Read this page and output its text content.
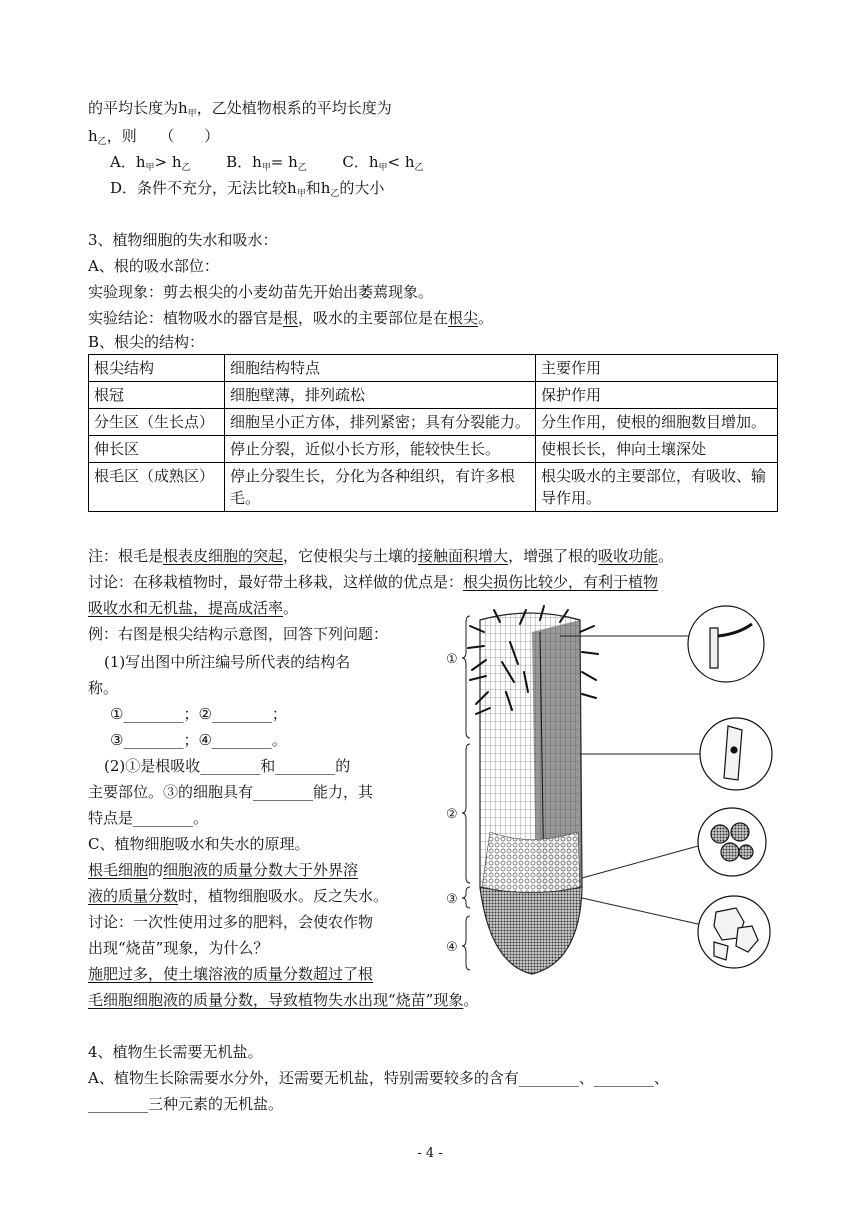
的平均长度为$h_甲$，乙处植物根系的平均长度为
$h_乙$，则　　（　　）
A．$h_甲> h_乙$ B．$h_甲= h_乙$ C．$h_甲< h_乙$
D．条件不充分，无法比较$h_甲$和$h_乙$的大小
3、植物细胞的失水和吸水：
A、根的吸水部位：
实验现象：剪去根尖的小麦幼苗先开始出萎蔫现象。
实验结论：植物吸水的器官是根，吸水的主要部位是在根尖。
B、根尖的结构：
根尖结构	细胞结构特点	主要作用
根冠	细胞壁薄，排列疏松	保护作用
分生区（生长点）	细胞呈小正方体，排列紧密；具有分裂能力。	分生作用，使根的细胞数目增加。
伸长区	停止分裂，近似小长方形，能较快生长。	使根长长，伸向土壤深处
根毛区（成熟区）	停止分裂生长，分化为各种组织，有许多根毛。	根尖吸水的主要部位，有吸收、输导作用。
注：根毛是根表皮细胞的突起，它使根尖与土壤的接触面积增大，增强了根的吸收功能。
讨论：在移栽植物时，最好带土移栽，这样做的优点是：根尖损伤比较少，有利于植物
吸收水和无机盐，提高成活率。
例：右图是根尖结构示意图，回答下列问题：
(1)写出图中所注编号所代表的结构名
称。
①________；②________；
③________；④________。
(2)①是根吸收________和________的
主要部位。③的细胞具有________能力，其
特点是________。
C、植物细胞吸水和失水的原理。
根毛细胞的细胞液的质量分数大于外界溶
液的质量分数时，植物细胞吸水。反之失水。
讨论：一次性使用过多的肥料，会使农作物
出现“烧苗”现象，为什么？
施肥过多，使土壤溶液的质量分数超过了根
毛细胞细胞液的质量分数，导致植物失水出现“烧苗”现象。
①
②
③
④
4、植物生长需要无机盐。
A、植物生长除需要水分外，还需要无机盐，特别需要较多的含有________、________、
________三种元素的无机盐。
- 4 -
